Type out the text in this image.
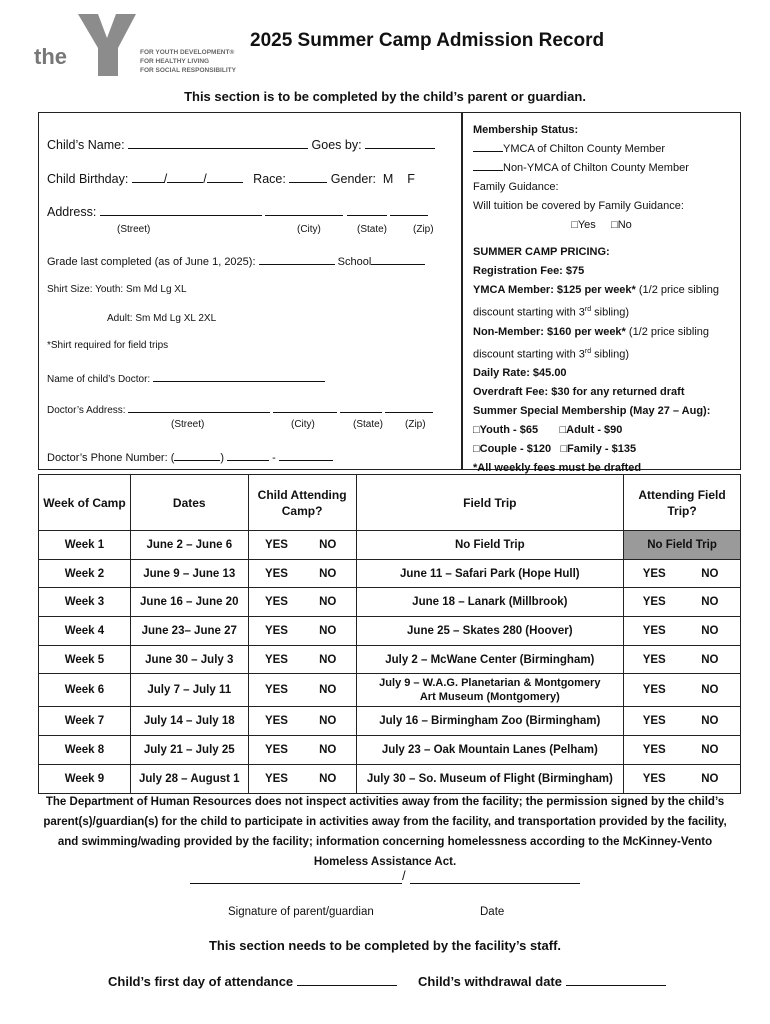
the	FOR YOUTH DEVELOPMENT®
FOR HEALTHY LIVING
FOR SOCIAL RESPONSIBILITY
2025 Summer Camp Admission Record
This section is to be completed by the child’s parent or guardian.
Child’s Name:	Goes by:
Child Birthday:	/	/	Race:	Gender: M F
Address:
(Street)	(City)	(State)	(Zip)
Grade last completed (as of June 1, 2025):	School
Shirt Size: Youth: Sm Md Lg XL
Adult: Sm Md Lg XL 2XL
*Shirt required for field trips
Name of child’s Doctor:
Doctor’s Address:
(Street)	(City)	(State) (Zip)
Doctor’s Phone Number: (	)	-
Membership Status:
YMCA of Chilton County Member
Non-YMCA of Chilton County Member
Family Guidance:
Will tuition be covered by Family Guidance:
□Yes □No
SUMMER CAMP PRICING:
Registration Fee: $75
YMCA Member: $125 per week* (1/2 price sibling
discount starting with 3rd sibling)
Non-Member: $160 per week* (1/2 price sibling
discount starting with 3rd sibling)
Daily Rate: $45.00
Overdraft Fee: $30 for any returned draft
Summer Special Membership (May 27 – Aug):
□Youth - $65 □Adult - $90
□Couple - $120 □Family - $135
*All weekly fees must be drafted
Week of Camp	Dates	Child Attending Camp?	Field Trip	Attending Field Trip?
Week 1	June 2 – June 6	YES NO	No Field Trip	No Field Trip
Week 2	June 9 – June 13	YES NO	June 11 – Safari Park (Hope Hull)	YES NO
Week 3	June 16 – June 20	YES NO	June 18 – Lanark (Millbrook)	YES NO
Week 4	June 23– June 27	YES NO	June 25 – Skates 280 (Hoover)	YES NO
Week 5	June 30 – July 3	YES NO	July 2 – McWane Center (Birmingham)	YES NO
Week 6	July 7 – July 11	YES NO	July 9 – W.A.G. Planetarian & Montgomery
Art Museum (Montgomery)	YES NO
Week 7	July 14 – July 18	YES NO	July 16 – Birmingham Zoo (Birmingham)	YES NO
Week 8	July 21 – July 25	YES NO	July 23 – Oak Mountain Lanes (Pelham)	YES NO
Week 9	July 28 – August 1	YES NO	July 30 – So. Museum of Flight (Birmingham)	YES NO
The Department of Human Resources does not inspect activities away from the facility; the permission signed by the child’s parent(s)/guardian(s) for the child to participate in activities away from the facility, and transportation provided by the facility, and swimming/wading provided by the facility; information concerning homelessness according to the McKinney-Vento Homeless Assistance Act.
/
Signature of parent/guardian	Date
This section needs to be completed by the facility’s staff.
Child’s first day of attendance	Child’s withdrawal date
